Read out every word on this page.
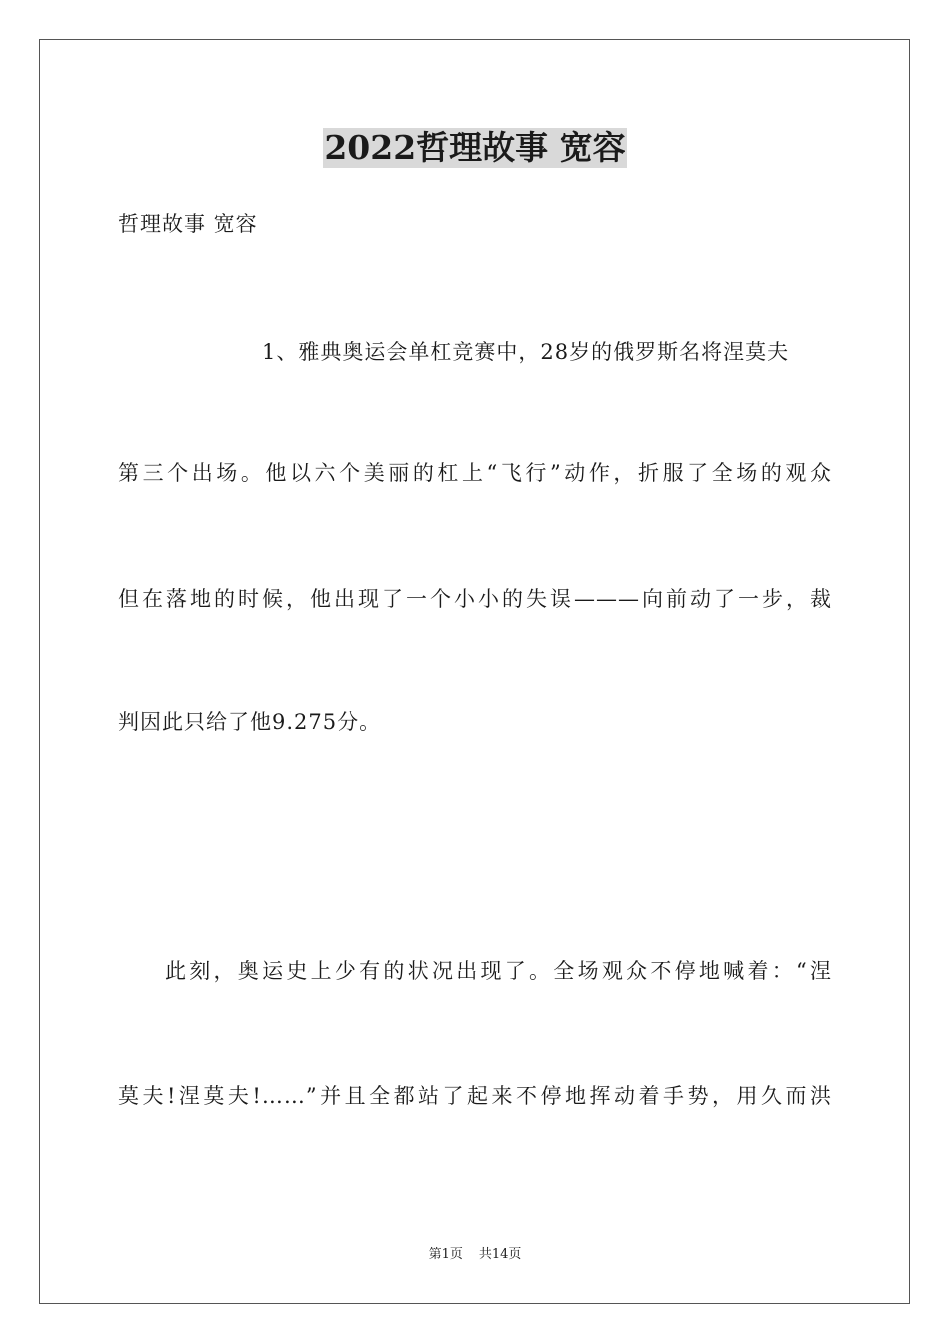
2022哲理故事 宽容
哲理故事 宽容
1、雅典奥运会单杠竞赛中，28岁的俄罗斯名将涅莫夫
第三个出场。他以六个美丽的杠上“飞行”动作，折服了全场的观众
但在落地的时候，他出现了一个小小的失误———向前动了一步，裁
判因此只给了他9.275分。
此刻，奥运史上少有的状况出现了。全场观众不停地喊着：“涅
莫夫!涅莫夫!……”并且全都站了起来不停地挥动着手势，用久而洪
第1页 共14页
